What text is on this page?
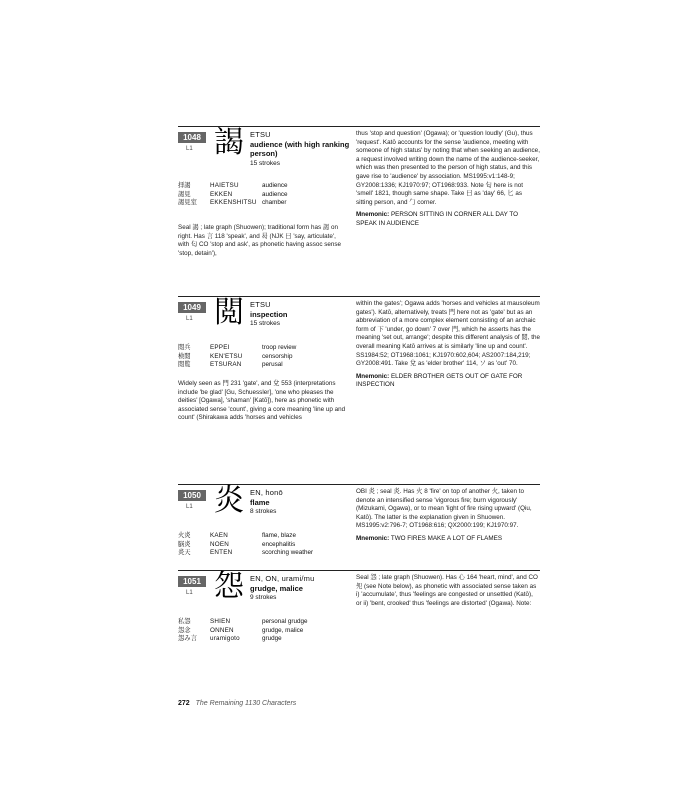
1048
L1 謁 ETSU
audience (with high ranking person)
15 strokes
拝謁	HAIETSU	audience
謁見	EKKEN	audience
謁見室	EKKENSHITSU chamber

Seal 謁 ; late graph (Shuowen); traditional form has 謁 on right. Has 言 118 'speak', and 曷 (NJK 曰 'say, articulate', with 匂 CO 'stop and ask', as phonetic having assoc sense 'stop, detain'),

thus 'stop and question' (Ogawa); or 'question loudly' (Gu), thus 'request'. Katō accounts for the sense 'audience, meeting with someone of high status' by noting that when seeking an audience, a request involved writing down the name of the audience-seeker, which was then presented to the person of high status, and this gave rise to 'audience' by association. MS1995:v1:148-9; GY2008:1336; KJ1970:97; OT1968:933. Note 匂 here is not 'smell' 1821, though same shape. Take 曰 as 'day' 66, 匕 as sitting person, and 勹 corner.

Mnemonic: PERSON SITTING IN CORNER ALL DAY TO SPEAK IN AUDIENCE
1049
L1 閲 ETSU
inspection
15 strokes
閲兵	EPPEI	troop review
検閲	KEN'ETSU	censorship
閲覧	ETSURAN	perusal

Widely seen as 門 231 'gate', and 兌 553 (interpretations include 'be glad' [Gu, Schuessler], 'one who pleases the deities' [Ogawa], 'shaman' [Katō]), here as phonetic with associated sense 'count', giving a core meaning 'line up and count' (Shirakawa adds 'horses and vehicles

within the gates'; Ogawa adds 'horses and vehicles at mausoleum gates'). Katō, alternatively, treats 門 here not as 'gate' but as an abbreviation of a more complex element consisting of an archaic form of 下 'under, go down' 7 over 門, which he asserts has the meaning 'set out, arrange'; despite this different analysis of 閲, the overall meaning Katō arrives at is similarly 'line up and count'. SS1984:52; OT1968:1061; KJ1970:602,604; AS2007:184,219; GY2008:491. Take 兌 as 'elder brother' 114, ソ as 'out' 70.

Mnemonic: ELDER BROTHER GETS OUT OF GATE FOR INSPECTION
1050
L1 炎 EN, honō
flame
8 strokes
火炎	KAEN	flame, blaze
脳炎	NOEN	encephalitis
炎天	ENTEN	scorching weather

OBI 炎 ; seal 炎. Has 火 8 'fire' on top of another 火, taken to denote an intensified sense 'vigorous fire; burn vigorously' (Mizukami, Ogawa), or to mean 'light of fire rising upward' (Qiu, Katō). The latter is the explanation given in Shuowen. MS1995:v2:796-7; OT1968:616; QX2000:199; KJ1970:97.

Mnemonic: TWO FIRES MAKE A LOT OF FLAMES
1051
L1 怨 EN, ON, urami/mu
grudge, malice
9 strokes
私怨	SHIEN	personal grudge
怨念	ONNEN	grudge, malice
怨み言	uramigoto	grudge

Seal 怨 ; late graph (Shuowen). Has 心 164 'heart, mind', and CO 夗 (see Note below), as phonetic with associated sense taken as i) 'accumulate', thus 'feelings are congested or unsettled (Katō), or ii) 'bent, crooked' thus 'feelings are distorted' (Ogawa). Note:

272 The Remaining 1130 Characters
